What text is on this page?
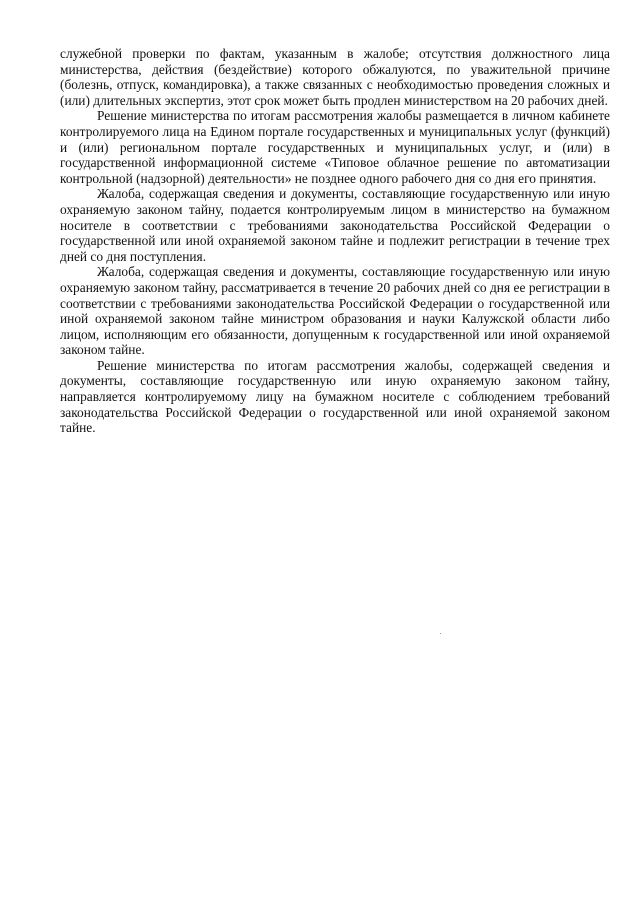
служебной проверки по фактам, указанным в жалобе; отсутствия должностного лица министерства, действия (бездействие) которого обжалуются, по уважительной причине (болезнь, отпуск, командировка), а также связанных с необходимостью проведения сложных и (или) длительных экспертиз, этот срок может быть продлен министерством на 20 рабочих дней.

Решение министерства по итогам рассмотрения жалобы размещается в личном кабинете контролируемого лица на Едином портале государственных и муниципальных услуг (функций) и (или) региональном портале государственных и муниципальных услуг, и (или) в государственной информационной системе «Типовое облачное решение по автоматизации контрольной (надзорной) деятельности» не позднее одного рабочего дня со дня его принятия.

Жалоба, содержащая сведения и документы, составляющие государственную или иную охраняемую законом тайну, подается контролируемым лицом в министерство на бумажном носителе в соответствии с требованиями законодательства Российской Федерации о государственной или иной охраняемой законом тайне и подлежит регистрации в течение трех дней со дня поступления.

Жалоба, содержащая сведения и документы, составляющие государственную или иную охраняемую законом тайну, рассматривается в течение 20 рабочих дней со дня ее регистрации в соответствии с требованиями законодательства Российской Федерации о государственной или иной охраняемой законом тайне министром образования и науки Калужской области либо лицом, исполняющим его обязанности, допущенным к государственной или иной охраняемой законом тайне.

Решение министерства по итогам рассмотрения жалобы, содержащей сведения и документы, составляющие государственную или иную охраняемую законом тайну, направляется контролируемому лицу на бумажном носителе с соблюдением требований законодательства Российской Федерации о государственной или иной охраняемой законом тайне.
